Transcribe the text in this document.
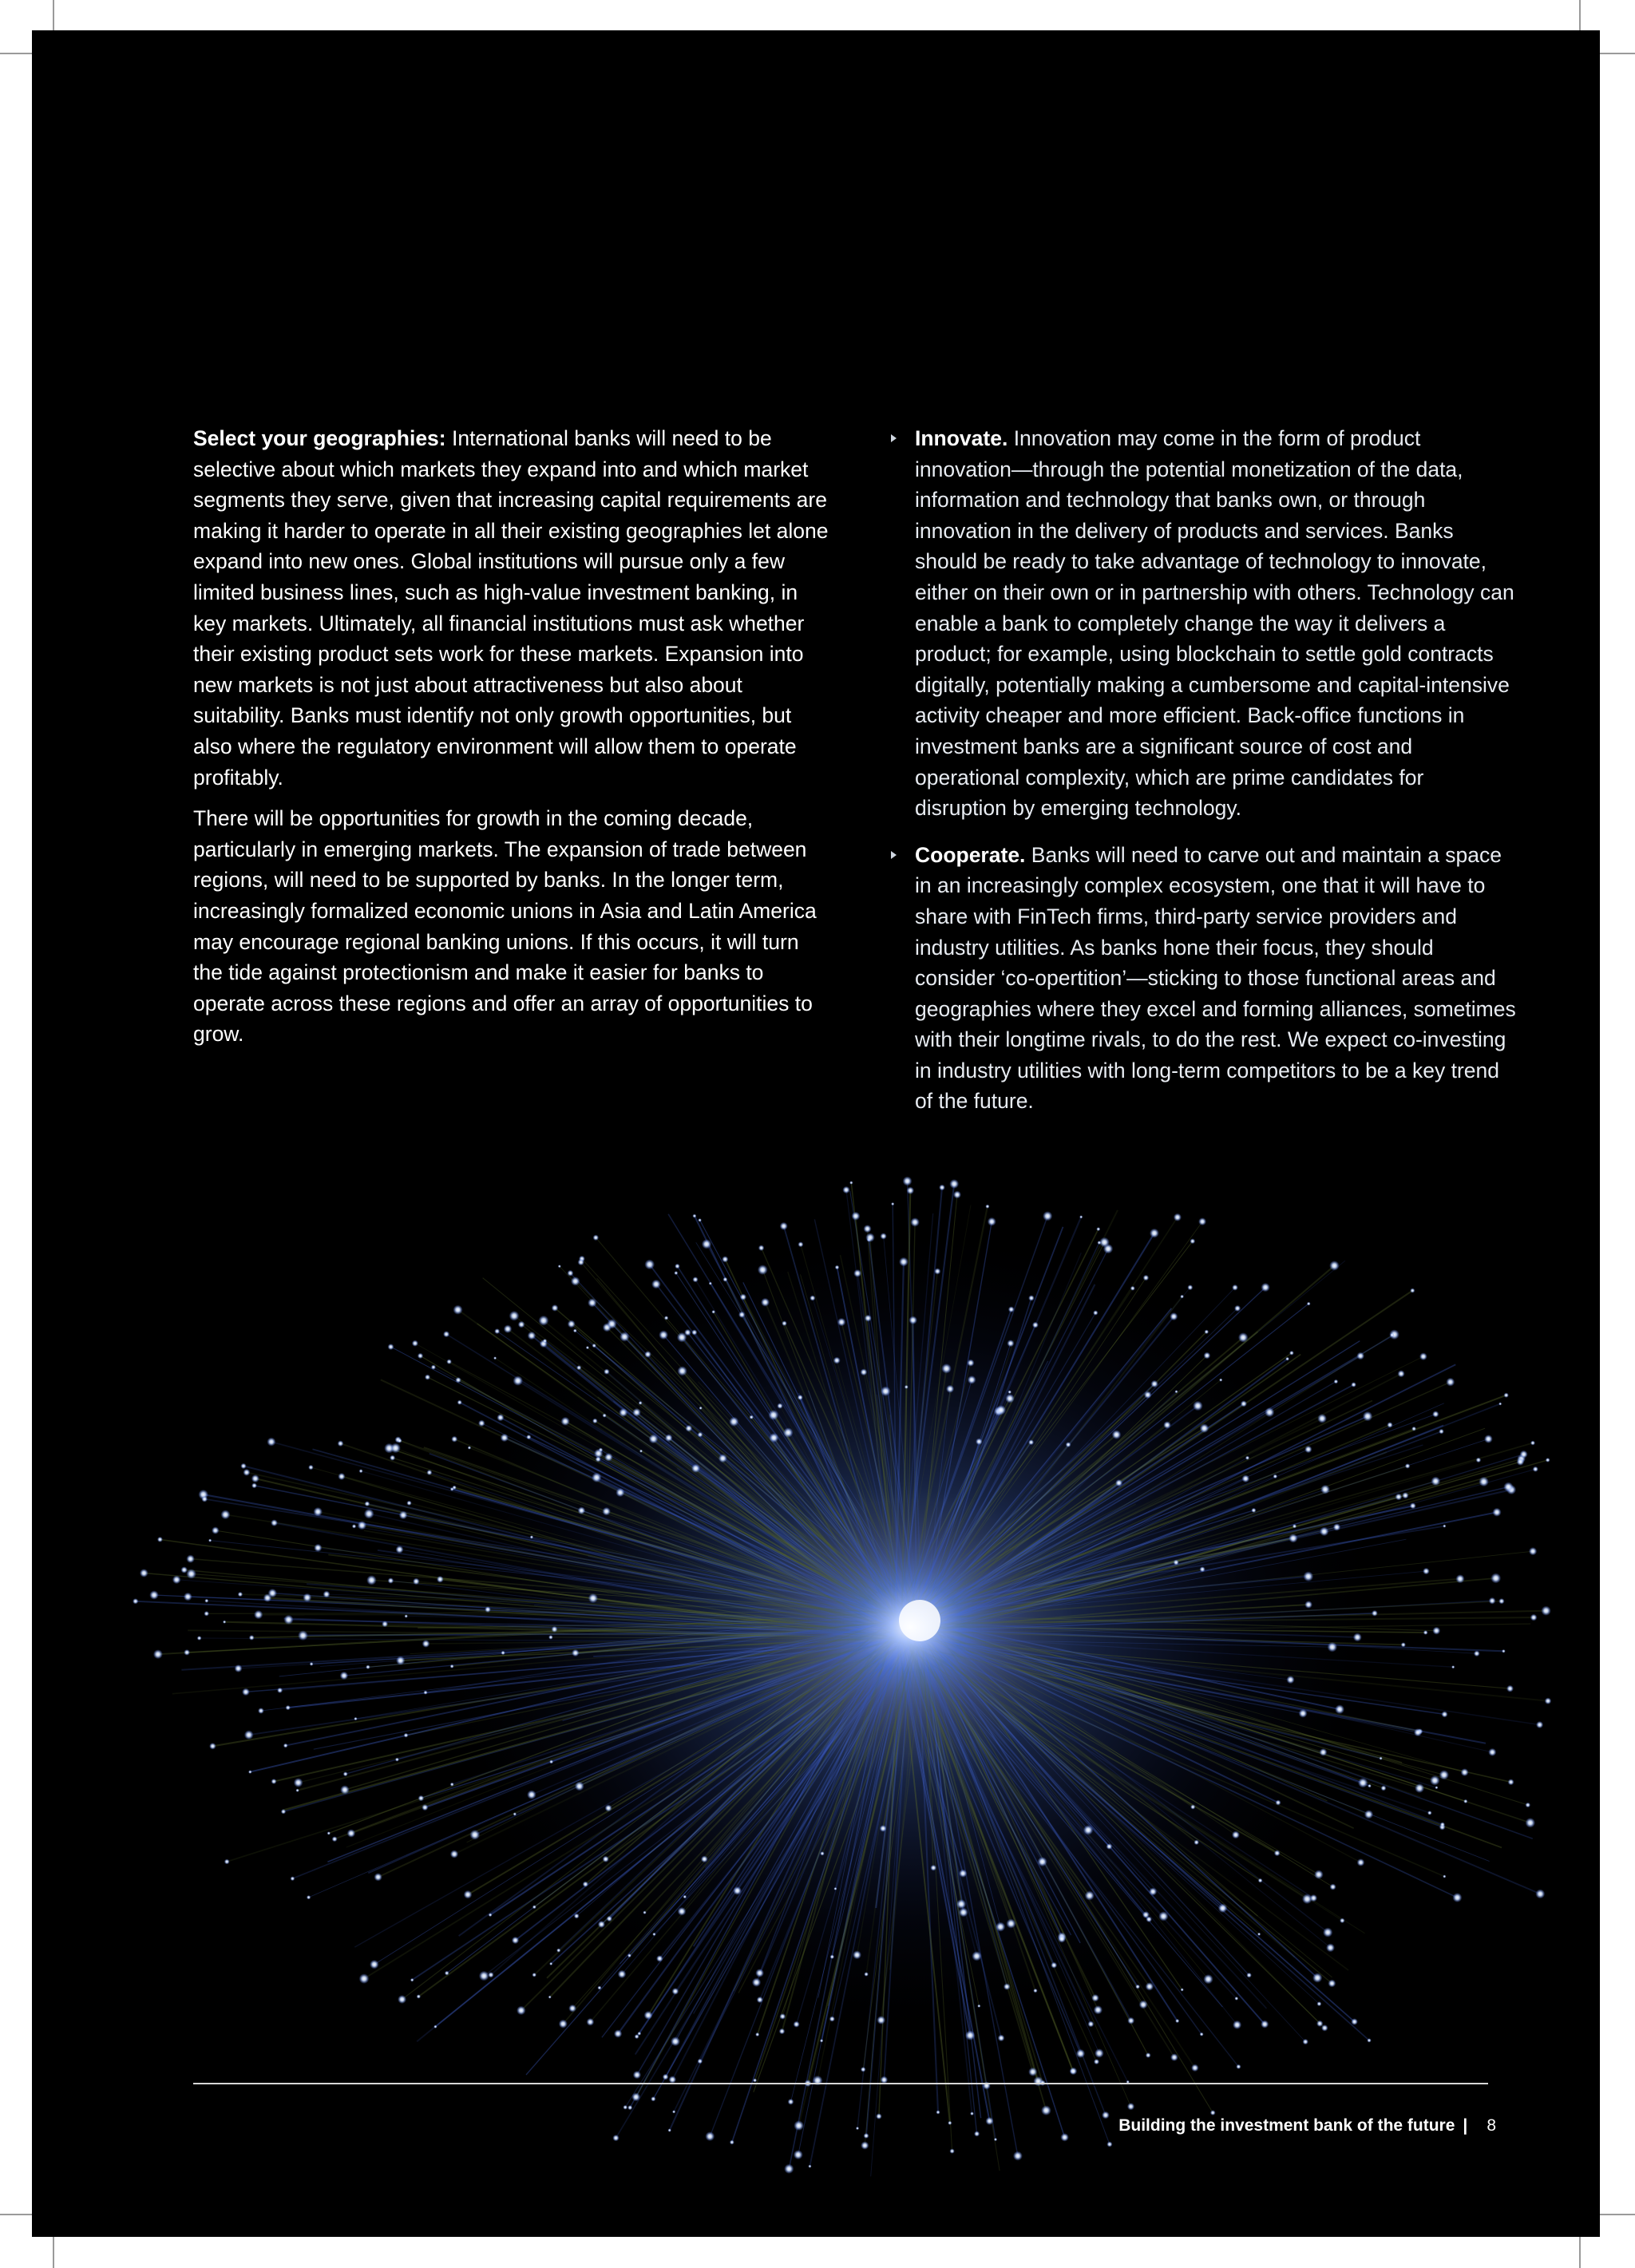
Select your geographies: International banks will need to be selective about which markets they expand into and which market segments they serve, given that increasing capital requirements are making it harder to operate in all their existing geographies let alone expand into new ones. Global institutions will pursue only a few limited business lines, such as high-value investment banking, in key markets. Ultimately, all financial institutions must ask whether their existing product sets work for these markets. Expansion into new markets is not just about attractiveness but also about suitability. Banks must identify not only growth opportunities, but also where the regulatory environment will allow them to operate profitably.

There will be opportunities for growth in the coming decade, particularly in emerging markets. The expansion of trade between regions, will need to be supported by banks. In the longer term, increasingly formalized economic unions in Asia and Latin America may encourage regional banking unions. If this occurs, it will turn the tide against protectionism and make it easier for banks to operate across these regions and offer an array of opportunities to grow.

Innovate. Innovation may come in the form of product innovation—through the potential monetization of the data, information and technology that banks own, or through innovation in the delivery of products and services. Banks should be ready to take advantage of technology to innovate, either on their own or in partnership with others. Technology can enable a bank to completely change the way it delivers a product; for example, using blockchain to settle gold contracts digitally, potentially making a cumbersome and capital-intensive activity cheaper and more efficient. Back-office functions in investment banks are a significant source of cost and operational complexity, which are prime candidates for disruption by emerging technology.
Cooperate. Banks will need to carve out and maintain a space in an increasingly complex ecosystem, one that it will have to share with FinTech firms, third-party service providers and industry utilities. As banks hone their focus, they should consider ‘co-opertition’—sticking to those functional areas and geographies where they excel and forming alliances, sometimes with their longtime rivals, to do the rest. We expect co-investing in industry utilities with long-term competitors to be a key trend of the future.
Building the investment bank of the future | 8
